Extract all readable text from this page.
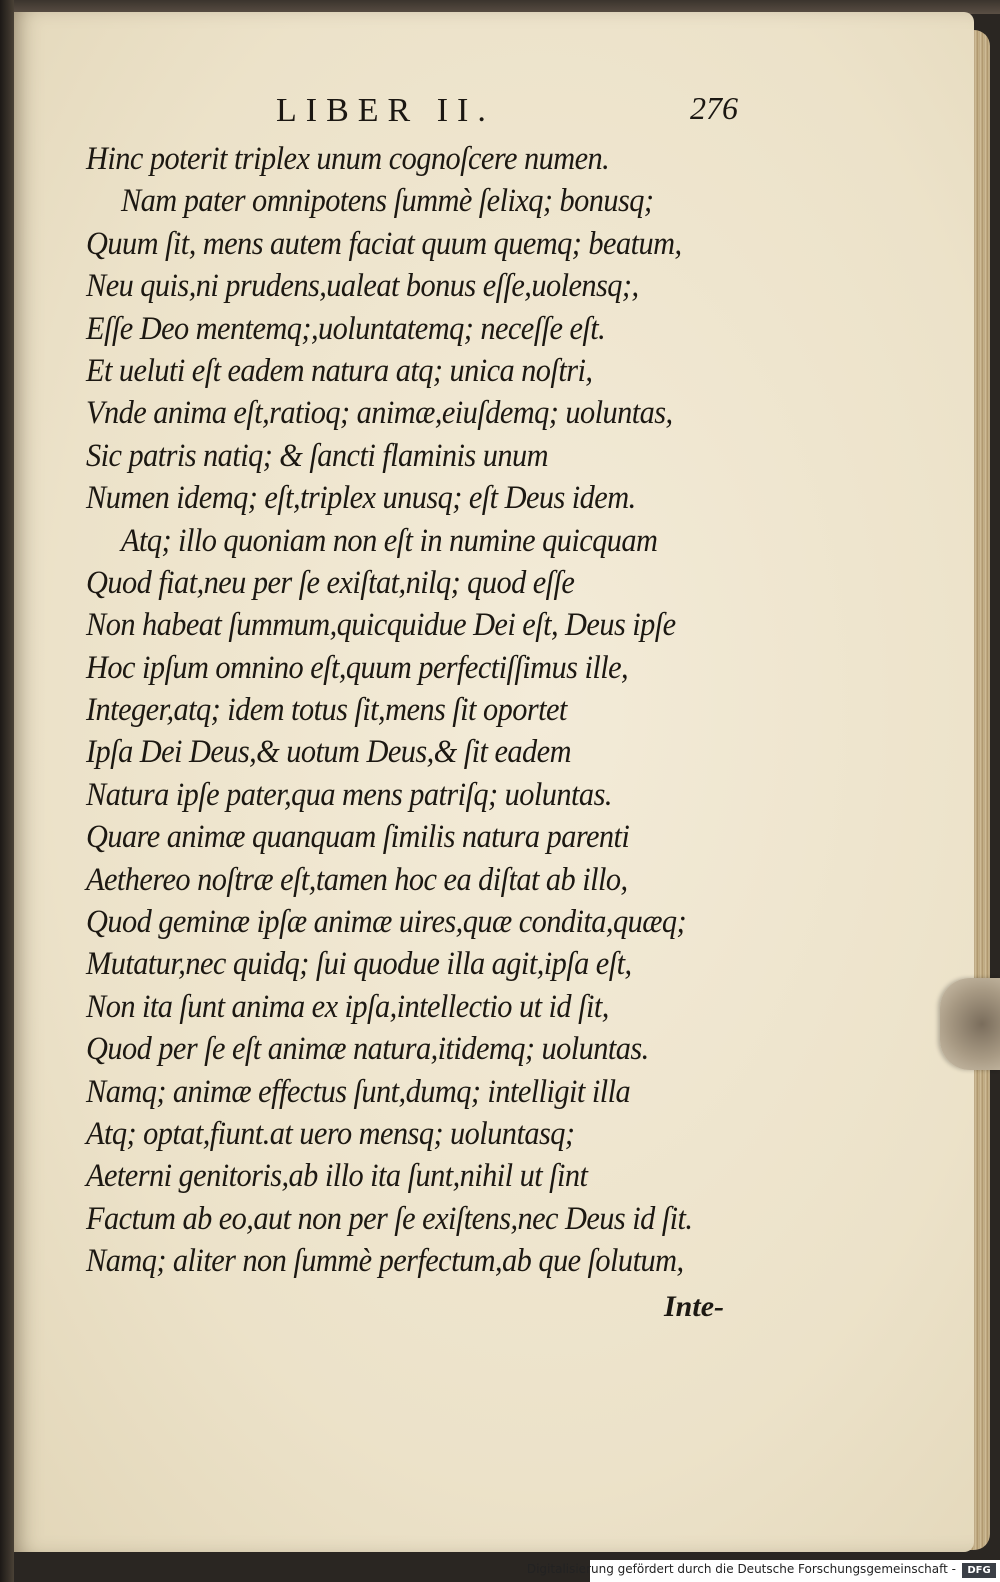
LIBER II.	276
Hinc poterit triplex unum cognoſcere numen.
Nam pater omnipotens ſummè ſelixq; bonusq;
Quum ſit, mens autem faciat quum quemq; beatum,
Neu quis,ni prudens,ualeat bonus eſſe,uolensq;,
Eſſe Deo mentemq;,uoluntatemq; neceſſe eſt.
Et ueluti eſt eadem natura atq; unica noſtri,
Vnde anima eſt,ratioq; animæ,eiuſdemq; uoluntas,
Sic patris natiq; & ſancti flaminis unum
Numen idemq; eſt,triplex unusq; eſt Deus idem.
Atq; illo quoniam non eſt in numine quicquam
Quod fiat,neu per ſe exiſtat,nilq; quod eſſe
Non habeat ſummum,quicquidue Dei eſt, Deus ipſe
Hoc ipſum omnino eſt,quum perfectiſſimus ille,
Integer,atq; idem totus ſit,mens ſit oportet
Ipſa Dei Deus,& uotum Deus,& ſit eadem
Natura ipſe pater,qua mens patriſq; uoluntas.
Quare animæ quanquam ſimilis natura parenti
Aethereo noſtræ eſt,tamen hoc ea diſtat ab illo,
Quod geminæ ipſæ animæ uires,quæ condita,quæq;
Mutatur,nec quidq; ſui quodue illa agit,ipſa eſt,
Non ita ſunt anima ex ipſa,intellectio ut id ſit,
Quod per ſe eſt animæ natura,itidemq; uoluntas.
Namq; animæ effectus ſunt,dumq; intelligit illa
Atq; optat,fiunt.at uero mensq; uoluntasq;
Aeterni genitoris,ab illo ita ſunt,nihil ut ſint
Factum ab eo,aut non per ſe exiſtens,nec Deus id ſit.
Namq; aliter non ſummè perfectum,ab que ſolutum,
Inte-
Digitalisierung gefördert durch die Deutsche Forschungsgemeinschaft -	DFG
